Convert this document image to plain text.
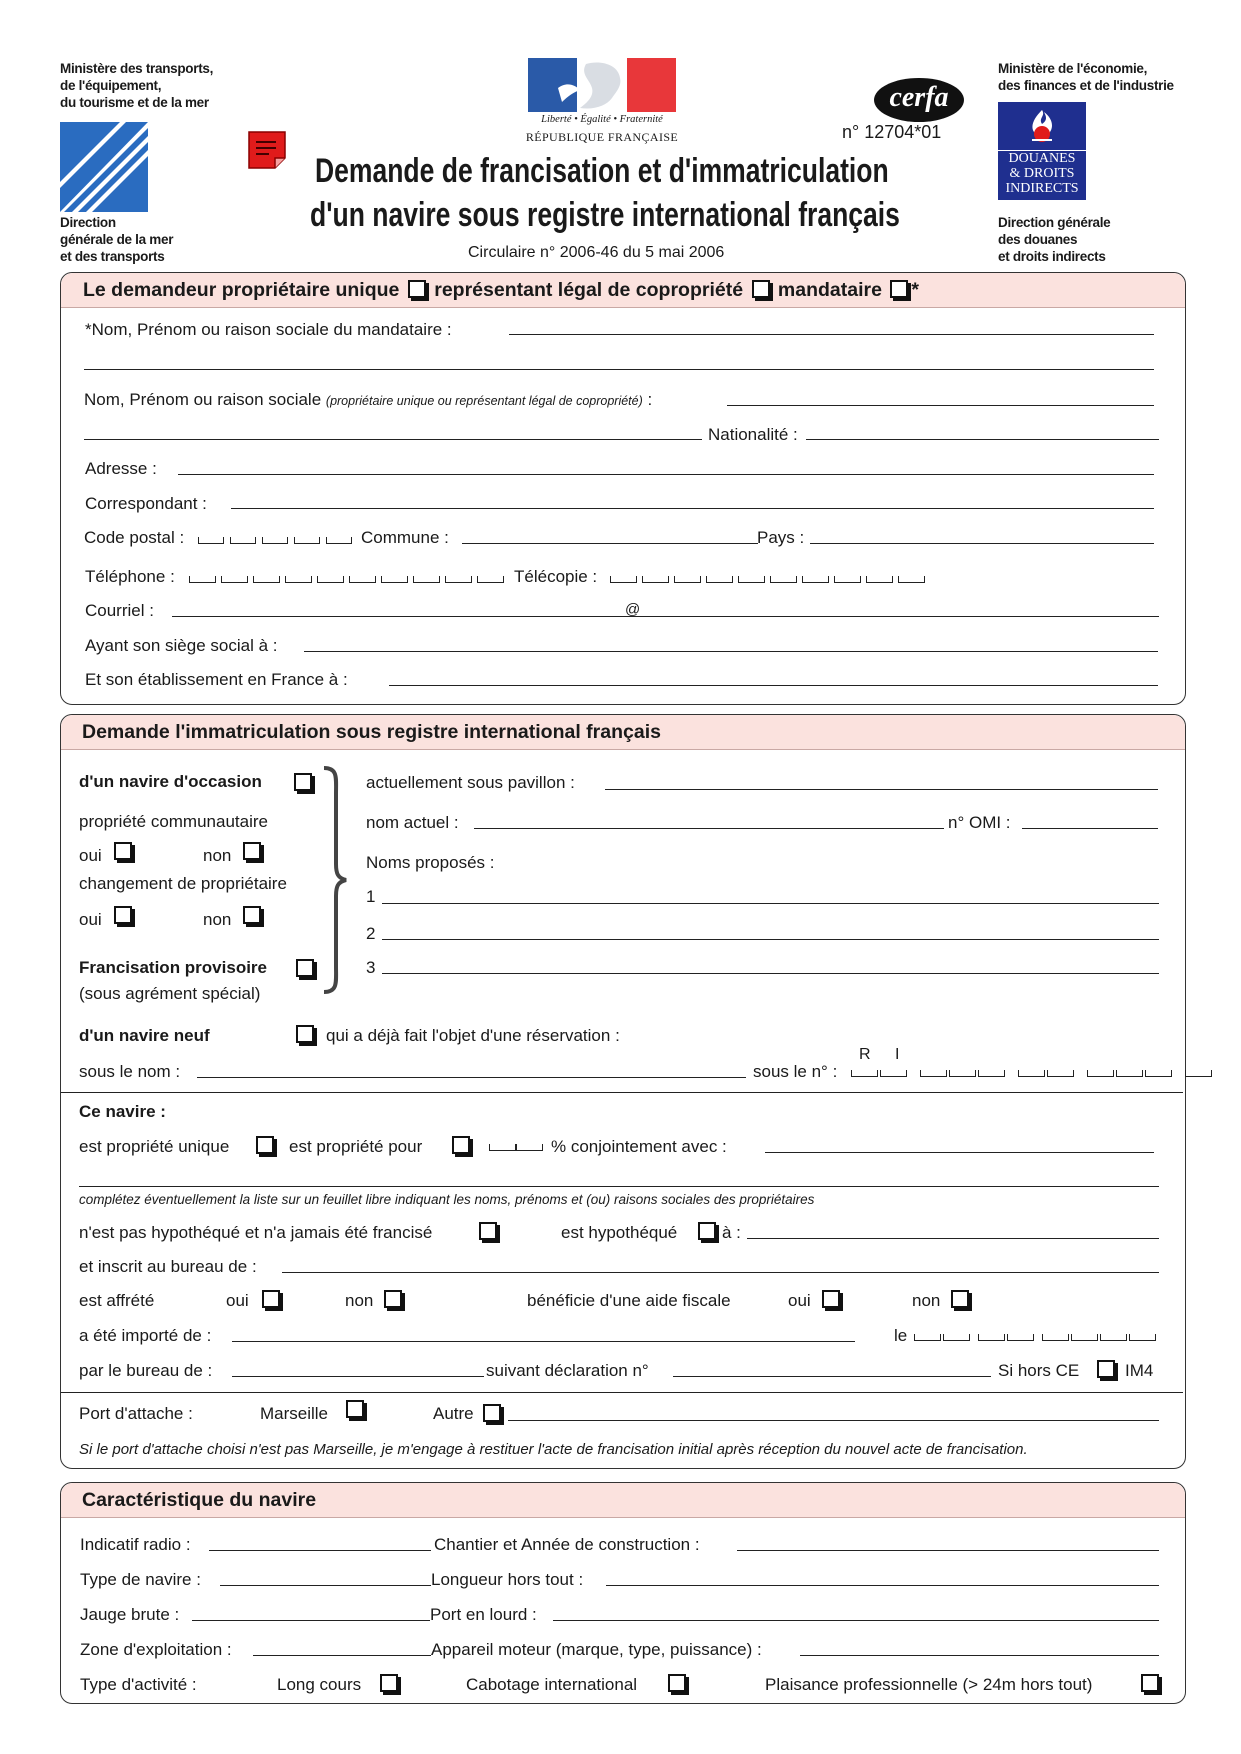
Ministère des transports,
de l'équipement,
du tourisme et de la mer
Direction
générale de la mer
et des transports
Liberté • Égalité • Fraternité
RÉPUBLIQUE FRANÇAISE
cerfa
n° 12704*01
Ministère de l'économie,
des finances et de l'industrie
DOUANES
& DROITS
INDIRECTS
Direction générale
des douanes
et droits indirects
Demande de francisation et d'immatriculation
d'un navire sous registre international français
Circulaire n° 2006-46 du 5 mai 2006
Le demandeur propriétaire unique représentant légal de copropriété mandataire *
*Nom, Prénom ou raison sociale du mandataire :
Nom, Prénom ou raison sociale (propriétaire unique ou représentant légal de copropriété) :
Nationalité :
Adresse :
Correspondant :
Code postal :	Commune :	Pays :
Téléphone :	Télécopie :
Courriel :	@
Ayant son siège social à :
Et son établissement en France à :
Demande l'immatriculation sous registre international français
d'un navire d'occasion
propriété communautaire
oui	non
changement de propriétaire
oui	non
Francisation provisoire
(sous agrément spécial)
actuellement sous pavillon :
nom actuel :	n° OMI :
Noms proposés :
1
2
3
d'un navire neuf	qui a déjà fait l'objet d'une réservation :
sous le nom :	sous le n° :
R I
Ce navire :
est propriété unique	est propriété pour	% conjointement avec :
complétez éventuellement la liste sur un feuillet libre indiquant les noms, prénoms et (ou) raisons sociales des propriétaires
n'est pas hypothéqué et n'a jamais été francisé	est hypothéqué	à :
et inscrit au bureau de :
est affrété	oui	non	bénéficie d'une aide fiscale	oui	non
a été importé de :	le
par le bureau de :	suivant déclaration n°	Si hors CE	IM4
Port d'attache :	Marseille	Autre
Si le port d'attache choisi n'est pas Marseille, je m'engage à restituer l'acte de francisation initial après réception du nouvel acte de francisation.
Caractéristique du navire
Indicatif radio :	Chantier et Année de construction :
Type de navire :	Longueur hors tout :
Jauge brute :	Port en lourd :
Zone d'exploitation :	Appareil moteur (marque, type, puissance) :
Type d'activité :	Long cours	Cabotage international	Plaisance professionnelle (> 24m hors tout)
